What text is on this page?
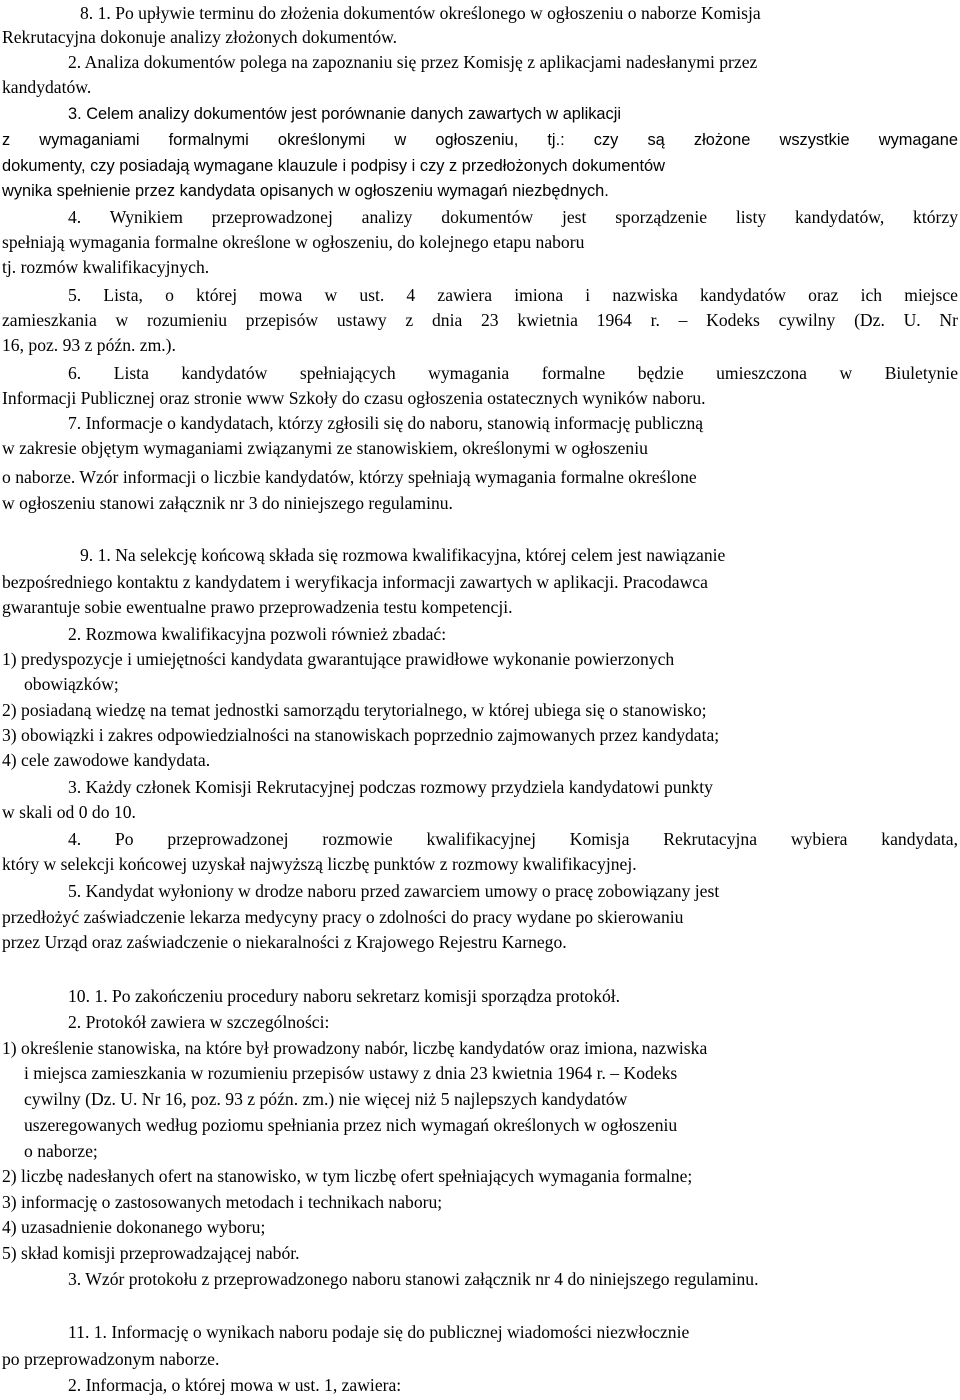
8. 1. Po upływie terminu do złożenia dokumentów określonego w ogłoszeniu o naborze Komisja
Rekrutacyjna dokonuje analizy złożonych dokumentów.
2. Analiza dokumentów polega na zapoznaniu się przez Komisję z aplikacjami nadesłanymi przez
kandydatów.
3. Celem analizy dokumentów jest porównanie danych zawartych w aplikacji
z wymaganiami formalnymi określonymi w ogłoszeniu, tj.: czy są złożone wszystkie wymagane
dokumenty, czy posiadają wymagane klauzule i podpisy i czy z przedłożonych dokumentów
wynika spełnienie przez kandydata opisanych w ogłoszeniu wymagań niezbędnych.
4. Wynikiem przeprowadzonej analizy dokumentów jest sporządzenie listy kandydatów, którzy
spełniają wymagania formalne określone w ogłoszeniu, do kolejnego etapu naboru
tj. rozmów kwalifikacyjnych.
5. Lista, o której mowa w ust. 4 zawiera imiona i nazwiska kandydatów oraz ich miejsce
zamieszkania w rozumieniu przepisów ustawy z dnia 23 kwietnia 1964 r. – Kodeks cywilny (Dz. U. Nr
16, poz. 93 z późn. zm.).
6. Lista kandydatów spełniających wymagania formalne będzie umieszczona w Biuletynie
Informacji Publicznej oraz stronie www Szkoły do czasu ogłoszenia ostatecznych wyników naboru.
7. Informacje o kandydatach, którzy zgłosili się do naboru, stanowią informację publiczną
w zakresie objętym wymaganiami związanymi ze stanowiskiem, określonymi w ogłoszeniu
o naborze. Wzór informacji o liczbie kandydatów, którzy spełniają wymagania formalne określone
w ogłoszeniu stanowi załącznik nr 3 do niniejszego regulaminu.
9. 1. Na selekcję końcową składa się rozmowa kwalifikacyjna, której celem jest nawiązanie
bezpośredniego kontaktu z kandydatem i weryfikacja informacji zawartych w aplikacji. Pracodawca
gwarantuje sobie ewentualne prawo przeprowadzenia testu kompetencji.
2. Rozmowa kwalifikacyjna pozwoli również zbadać:
1) predyspozycje i umiejętności kandydata gwarantujące prawidłowe wykonanie powierzonych
obowiązków;
2) posiadaną wiedzę na temat jednostki samorządu terytorialnego, w której ubiega się o stanowisko;
3) obowiązki i zakres odpowiedzialności na stanowiskach poprzednio zajmowanych przez kandydata;
4) cele zawodowe kandydata.
3. Każdy członek Komisji Rekrutacyjnej podczas rozmowy przydziela kandydatowi punkty
w skali od 0 do 10.
4. Po przeprowadzonej rozmowie kwalifikacyjnej Komisja Rekrutacyjna wybiera kandydata,
który w selekcji końcowej uzyskał najwyższą liczbę punktów z rozmowy kwalifikacyjnej.
5. Kandydat wyłoniony w drodze naboru przed zawarciem umowy o pracę zobowiązany jest
przedłożyć zaświadczenie lekarza medycyny pracy o zdolności do pracy wydane po skierowaniu
przez Urząd oraz zaświadczenie o niekaralności z Krajowego Rejestru Karnego.
10. 1. Po zakończeniu procedury naboru sekretarz komisji sporządza protokół.
2. Protokół zawiera w szczególności:
1) określenie stanowiska, na które był prowadzony nabór, liczbę kandydatów oraz imiona, nazwiska
i miejsca zamieszkania w rozumieniu przepisów ustawy z dnia 23 kwietnia 1964 r. – Kodeks
cywilny (Dz. U. Nr 16, poz. 93 z późn. zm.) nie więcej niż 5 najlepszych kandydatów
uszeregowanych według poziomu spełniania przez nich wymagań określonych w ogłoszeniu
o naborze;
2) liczbę nadesłanych ofert na stanowisko, w tym liczbę ofert spełniających wymagania formalne;
3) informację o zastosowanych metodach i technikach naboru;
4) uzasadnienie dokonanego wyboru;
5) skład komisji przeprowadzającej nabór.
3. Wzór protokołu z przeprowadzonego naboru stanowi załącznik nr 4 do niniejszego regulaminu.
11. 1. Informację o wynikach naboru podaje się do publicznej wiadomości niezwłocznie
po przeprowadzonym naborze.
2. Informacja, o której mowa w ust. 1, zawiera:
